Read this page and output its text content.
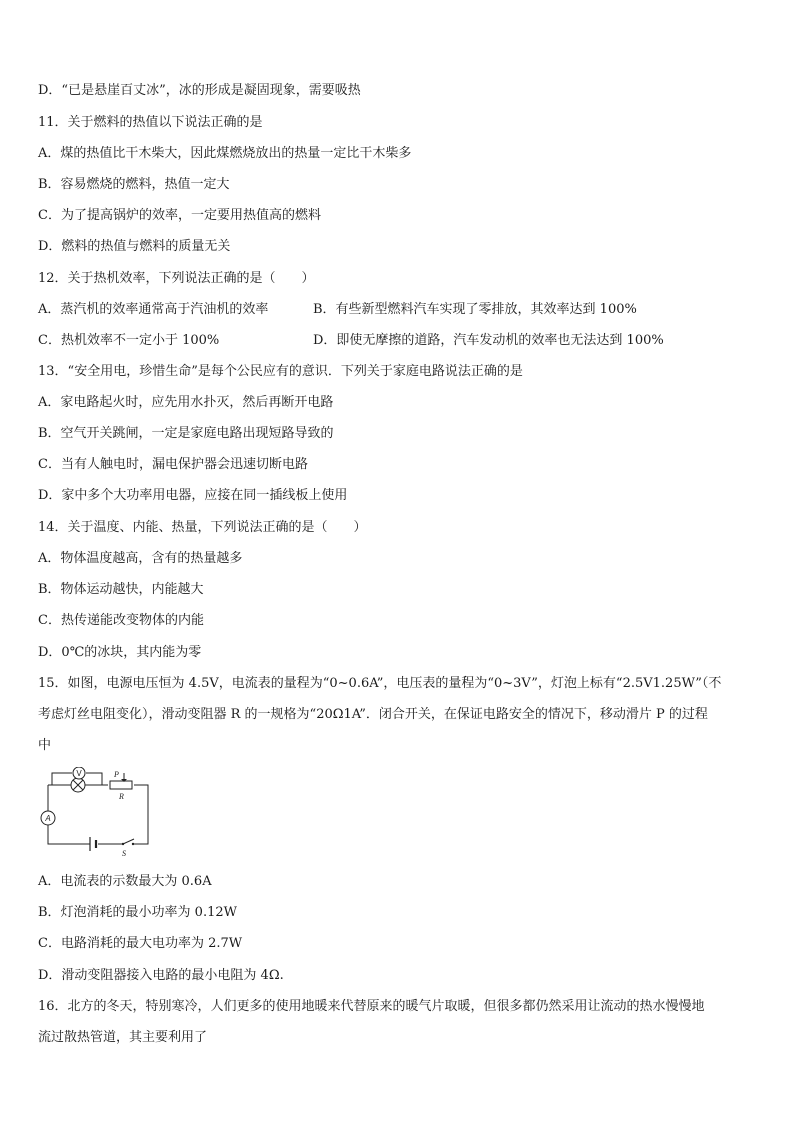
D．“已是悬崖百丈冰”，冰的形成是凝固现象，需要吸热
11．关于燃料的热值以下说法正确的是
A．煤的热值比干木柴大，因此煤燃烧放出的热量一定比干木柴多
B．容易燃烧的燃料，热值一定大
C．为了提高锅炉的效率，一定要用热值高的燃料
D．燃料的热值与燃料的质量无关
12．关于热机效率，下列说法正确的是（　　）
A．蒸汽机的效率通常高于汽油机的效率	B．有些新型燃料汽车实现了零排放，其效率达到 100%
C．热机效率不一定小于 100%	D．即使无摩擦的道路，汽车发动机的效率也无法达到 100%
13．“安全用电，珍惜生命”是每个公民应有的意识．下列关于家庭电路说法正确的是
A．家电路起火时，应先用水扑灭，然后再断开电路
B．空气开关跳闸，一定是家庭电路出现短路导致的
C．当有人触电时，漏电保护器会迅速切断电路
D．家中多个大功率用电器，应接在同一插线板上使用
14．关于温度、内能、热量，下列说法正确的是（　　）
A．物体温度越高，含有的热量越多
B．物体运动越快，内能越大
C．热传递能改变物体的内能
D．0℃的冰块，其内能为零
15．如图，电源电压恒为 4.5V，电流表的量程为“0~0.6A”，电压表的量程为“0~3V”，灯泡上标有“2.5V1.25W”（不
考虑灯丝电阻变化），滑动变阻器 R 的一规格为“20Ω1A”．闭合开关，在保证电路安全的情况下，移动滑片 P 的过程
中
V	P
R
A
S
A．电流表的示数最大为 0.6A
B．灯泡消耗的最小功率为 0.12W
C．电路消耗的最大电功率为 2.7W
D．滑动变阻器接入电路的最小电阻为 4Ω.
16．北方的冬天，特别寒冷，人们更多的使用地暖来代替原来的暖气片取暖，但很多都仍然采用让流动的热水慢慢地
流过散热管道，其主要利用了
